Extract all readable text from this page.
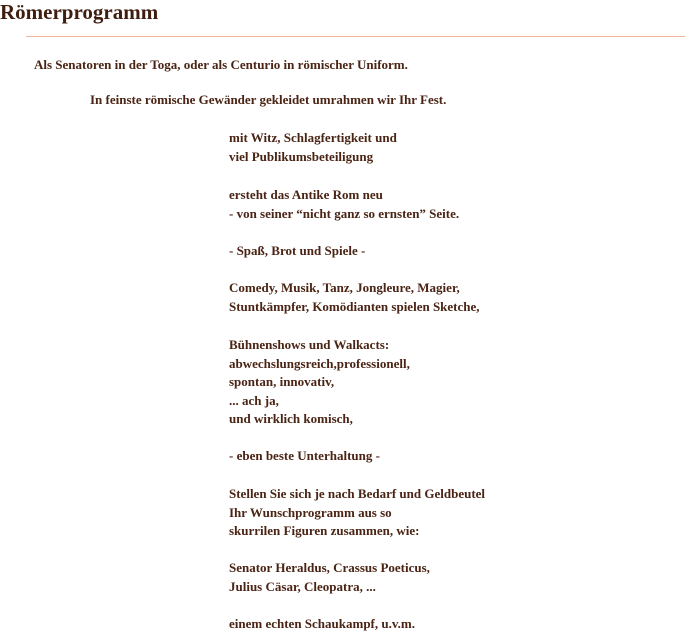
Römerprogramm

Als Senatoren in der Toga, oder als Centurio in römischer Uniform.

In feinste römische Gewänder gekleidet umrahmen wir Ihr Fest.

mit Witz, Schlagfertigkeit und
viel Publikumsbeteiligung

ersteht das Antike Rom neu
- von seiner “nicht ganz so ernsten” Seite.

- Spaß, Brot und Spiele -

Comedy, Musik, Tanz, Jongleure, Magier,
Stuntkämpfer, Komödianten spielen Sketche,

Bühnenshows und Walkacts:
abwechslungsreich,professionell,
spontan, innovativ,
... ach ja,
und wirklich komisch,

- eben beste Unterhaltung -

Stellen Sie sich je nach Bedarf und Geldbeutel
Ihr Wunschprogramm aus so
skurrilen Figuren zusammen, wie:

Senator Heraldus, Crassus Poeticus,
Julius Cäsar, Cleopatra, ...

einem echten Schaukampf, u.v.m.
